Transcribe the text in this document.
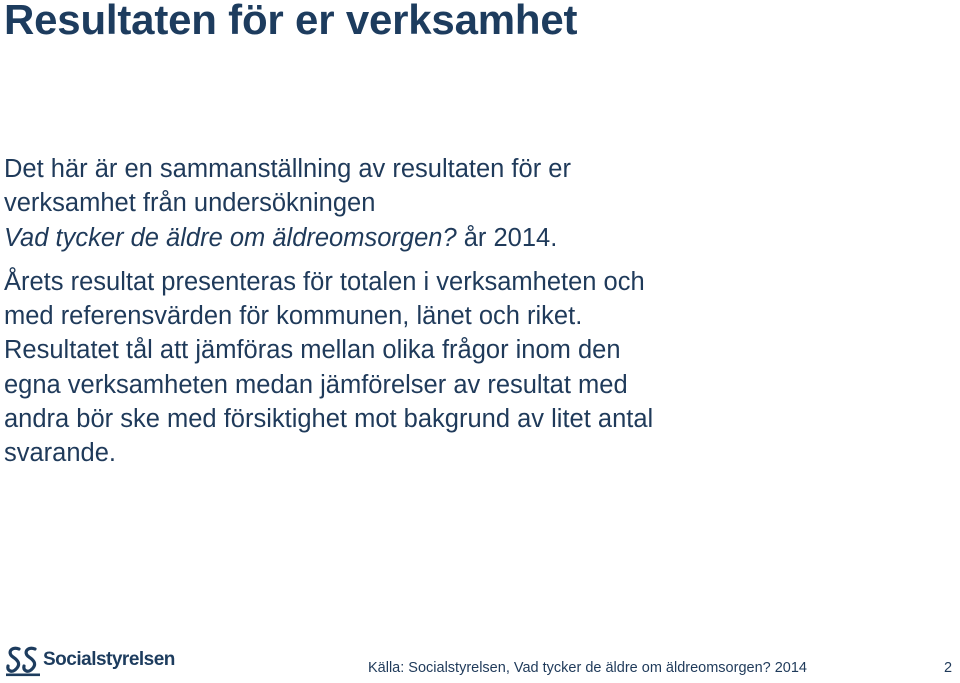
Resultaten för er verksamhet

Det här är en sammanställning av resultaten för er
verksamhet från undersökningen
Vad tycker de äldre om äldreomsorgen? år 2014.

Årets resultat presenteras för totalen i verksamheten och

med referensvärden för kommunen, länet och riket.

Resultatet tål att jämföras mellan olika frågor inom den

egna verksamheten medan jämförelser av resultat med

andra bör ske med försiktighet mot bakgrund av litet antal

svarande.

Socialstyrelsen	Källa: Socialstyrelsen, Vad tycker de äldre om äldreomsorgen? 2014	2
